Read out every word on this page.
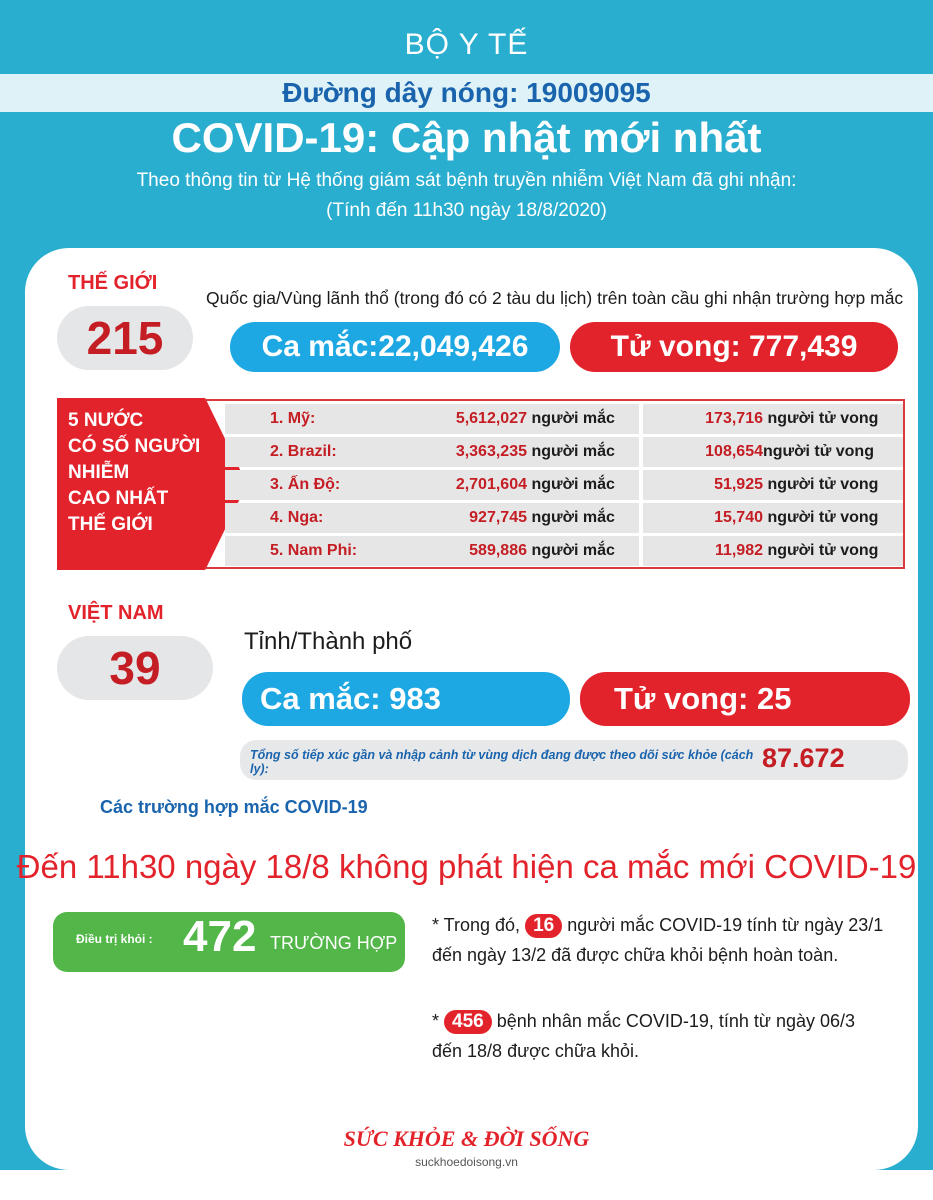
BỘ Y TẾ
Đường dây nóng: 19009095
COVID-19: Cập nhật mới nhất
Theo thông tin từ Hệ thống giám sát bệnh truyền nhiễm Việt Nam đã ghi nhận:
(Tính đến 11h30 ngày 18/8/2020)
THẾ GIỚI
215
Quốc gia/Vùng lãnh thổ (trong đó có 2 tàu du lịch) trên toàn cầu ghi nhận trường hợp mắc
Ca mắc:22,049,426	Tử vong: 777,439
5 NƯỚC
CÓ SỐ NGƯỜI
NHIỄM
CAO NHẤT
THẾ GIỚI
1. Mỹ:	5,612,027 người mắc	173,716 người tử vong
2. Brazil:	3,363,235 người mắc	108,654người tử vong
3. Ấn Độ:	2,701,604 người mắc	51,925 người tử vong
4. Nga:	927,745 người mắc	15,740 người tử vong
5. Nam Phi:	589,886 người mắc	11,982 người tử vong
VIỆT NAM
39
Tỉnh/Thành phố
Ca mắc: 983	Tử vong: 25
Tổng số tiếp xúc gần và nhập cảnh từ vùng dịch đang được theo dõi sức khỏe (cách ly):	87.672
Các trường hợp mắc COVID-19
Đến 11h30 ngày 18/8 không phát hiện ca mắc mới COVID-19
Điều trị khỏi : 472 TRƯỜNG HỢP
* Trong đó, 16 người mắc COVID-19 tính từ ngày 23/1
đến ngày 13/2 đã được chữa khỏi bệnh hoàn toàn.
* 456 bệnh nhân mắc COVID-19, tính từ ngày 06/3
đến 18/8 được chữa khỏi.
SỨC KHỎE & ĐỜI SỐNG
suckhoedoisong.vn
